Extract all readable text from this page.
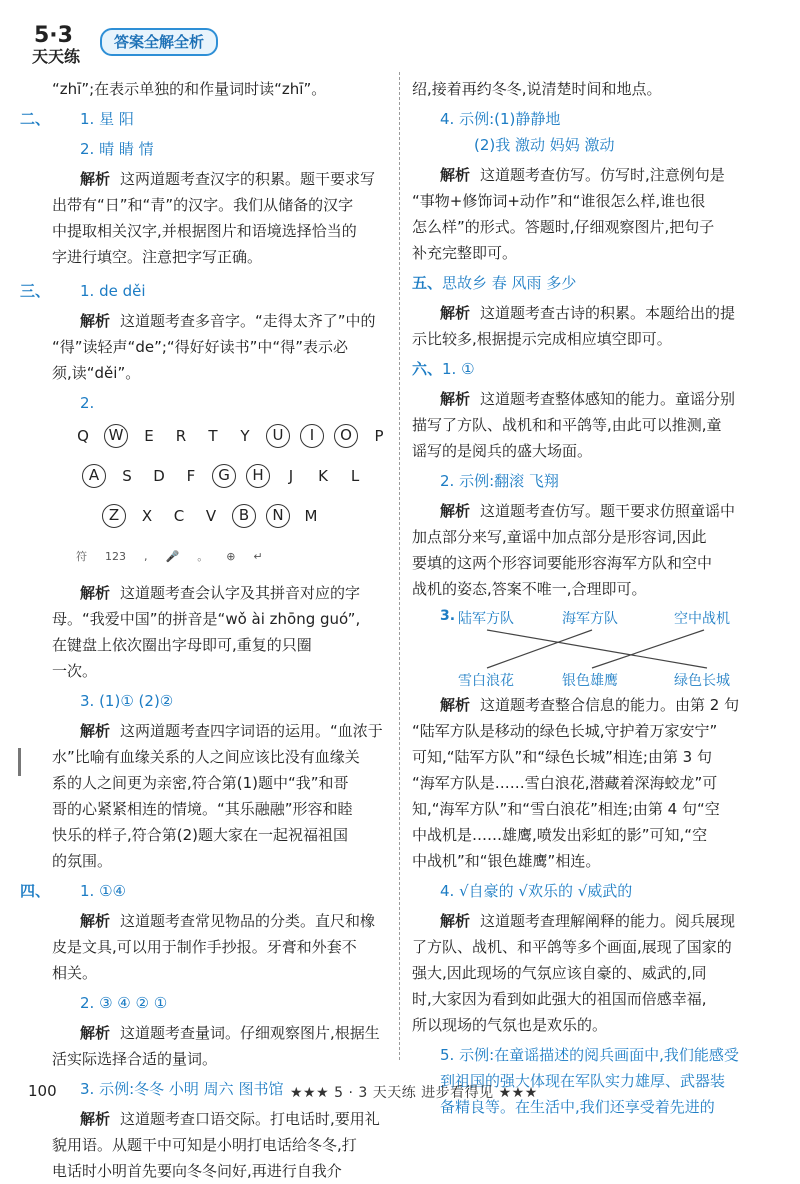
5·3
天天练
答案全解全析
“zhī”;在表示单独的和作量词时读“zhī”。
二、 1. 星 阳
2. 晴 睛 情
解析 这两道题考查汉字的积累。题干要求写
出带有“日”和“青”的汉字。我们从储备的汉字
中提取相关汉字,并根据图片和语境选择恰当的
字进行填空。注意把字写正确。
三、 1. de děi
解析 这道题考查多音字。“走得太齐了”中的
“得”读轻声“de”;“得好好读书”中“得”表示必
须,读“děi”。
2.
Q	W	E	R	T	Y	U	I	O	P
A	S	D	F	G	H	J	K	L
Z	X	C	V	B	N	M
符 123 , 🎤 。 ⊕ ↵
解析 这道题考查会认字及其拼音对应的字
母。“我爱中国”的拼音是“wǒ ài zhōng guó”,
在键盘上依次圈出字母即可,重复的只圈
一次。
3. (1)① (2)②
解析 这两道题考查四字词语的运用。“血浓于
水”比喻有血缘关系的人之间应该比没有血缘关
系的人之间更为亲密,符合第(1)题中“我”和哥
哥的心紧紧相连的情境。“其乐融融”形容和睦
快乐的样子,符合第(2)题大家在一起祝福祖国
的氛围。
四、 1. ①④
解析 这道题考查常见物品的分类。直尺和橡
皮是文具,可以用于制作手抄报。牙膏和外套不
相关。
2. ③ ④ ② ①
解析 这道题考查量词。仔细观察图片,根据生
活实际选择合适的量词。
3. 示例:冬冬 小明 周六 图书馆
解析 这道题考查口语交际。打电话时,要用礼
貌用语。从题干中可知是小明打电话给冬冬,打
电话时小明首先要向冬冬问好,再进行自我介
绍,接着再约冬冬,说清楚时间和地点。
4. 示例:(1)静静地
(2)我 激动 妈妈 激动
解析 这道题考查仿写。仿写时,注意例句是
“事物+修饰词+动作”和“谁很怎么样,谁也很
怎么样”的形式。答题时,仔细观察图片,把句子
补充完整即可。
五、思故乡 春 风雨 多少
解析 这道题考查古诗的积累。本题给出的提
示比较多,根据提示完成相应填空即可。
六、1. ①
解析 这道题考查整体感知的能力。童谣分别
描写了方队、战机和和平鸽等,由此可以推测,童
谣写的是阅兵的盛大场面。
2. 示例:翻滚 飞翔
解析 这道题考查仿写。题干要求仿照童谣中
加点部分来写,童谣中加点部分是形容词,因此
要填的这两个形容词要能形容海军方队和空中
战机的姿态,答案不唯一,合理即可。
3. 陆军方队	海军方队	空中战机
雪白浪花	银色雄鹰	绿色长城
解析 这道题考查整合信息的能力。由第 2 句
“陆军方队是移动的绿色长城,守护着万家安宁”
可知,“陆军方队”和“绿色长城”相连;由第 3 句
“海军方队是……雪白浪花,潜藏着深海蛟龙”可
知,“海军方队”和“雪白浪花”相连;由第 4 句“空
中战机是……雄鹰,喷发出彩虹的影”可知,“空
中战机”和“银色雄鹰”相连。
4. √自豪的 √欢乐的 √威武的
解析 这道题考查理解阐释的能力。阅兵展现
了方队、战机、和平鸽等多个画面,展现了国家的
强大,因此现场的气氛应该自豪的、威武的,同
时,大家因为看到如此强大的祖国而倍感幸福,
所以现场的气氛也是欢乐的。
5. 示例:在童谣描述的阅兵画面中,我们能感受
到祖国的强大体现在军队实力雄厚、武器装
备精良等。在生活中,我们还享受着先进的
100	★★★ 5 · 3 天天练 进步看得见 ★★★
